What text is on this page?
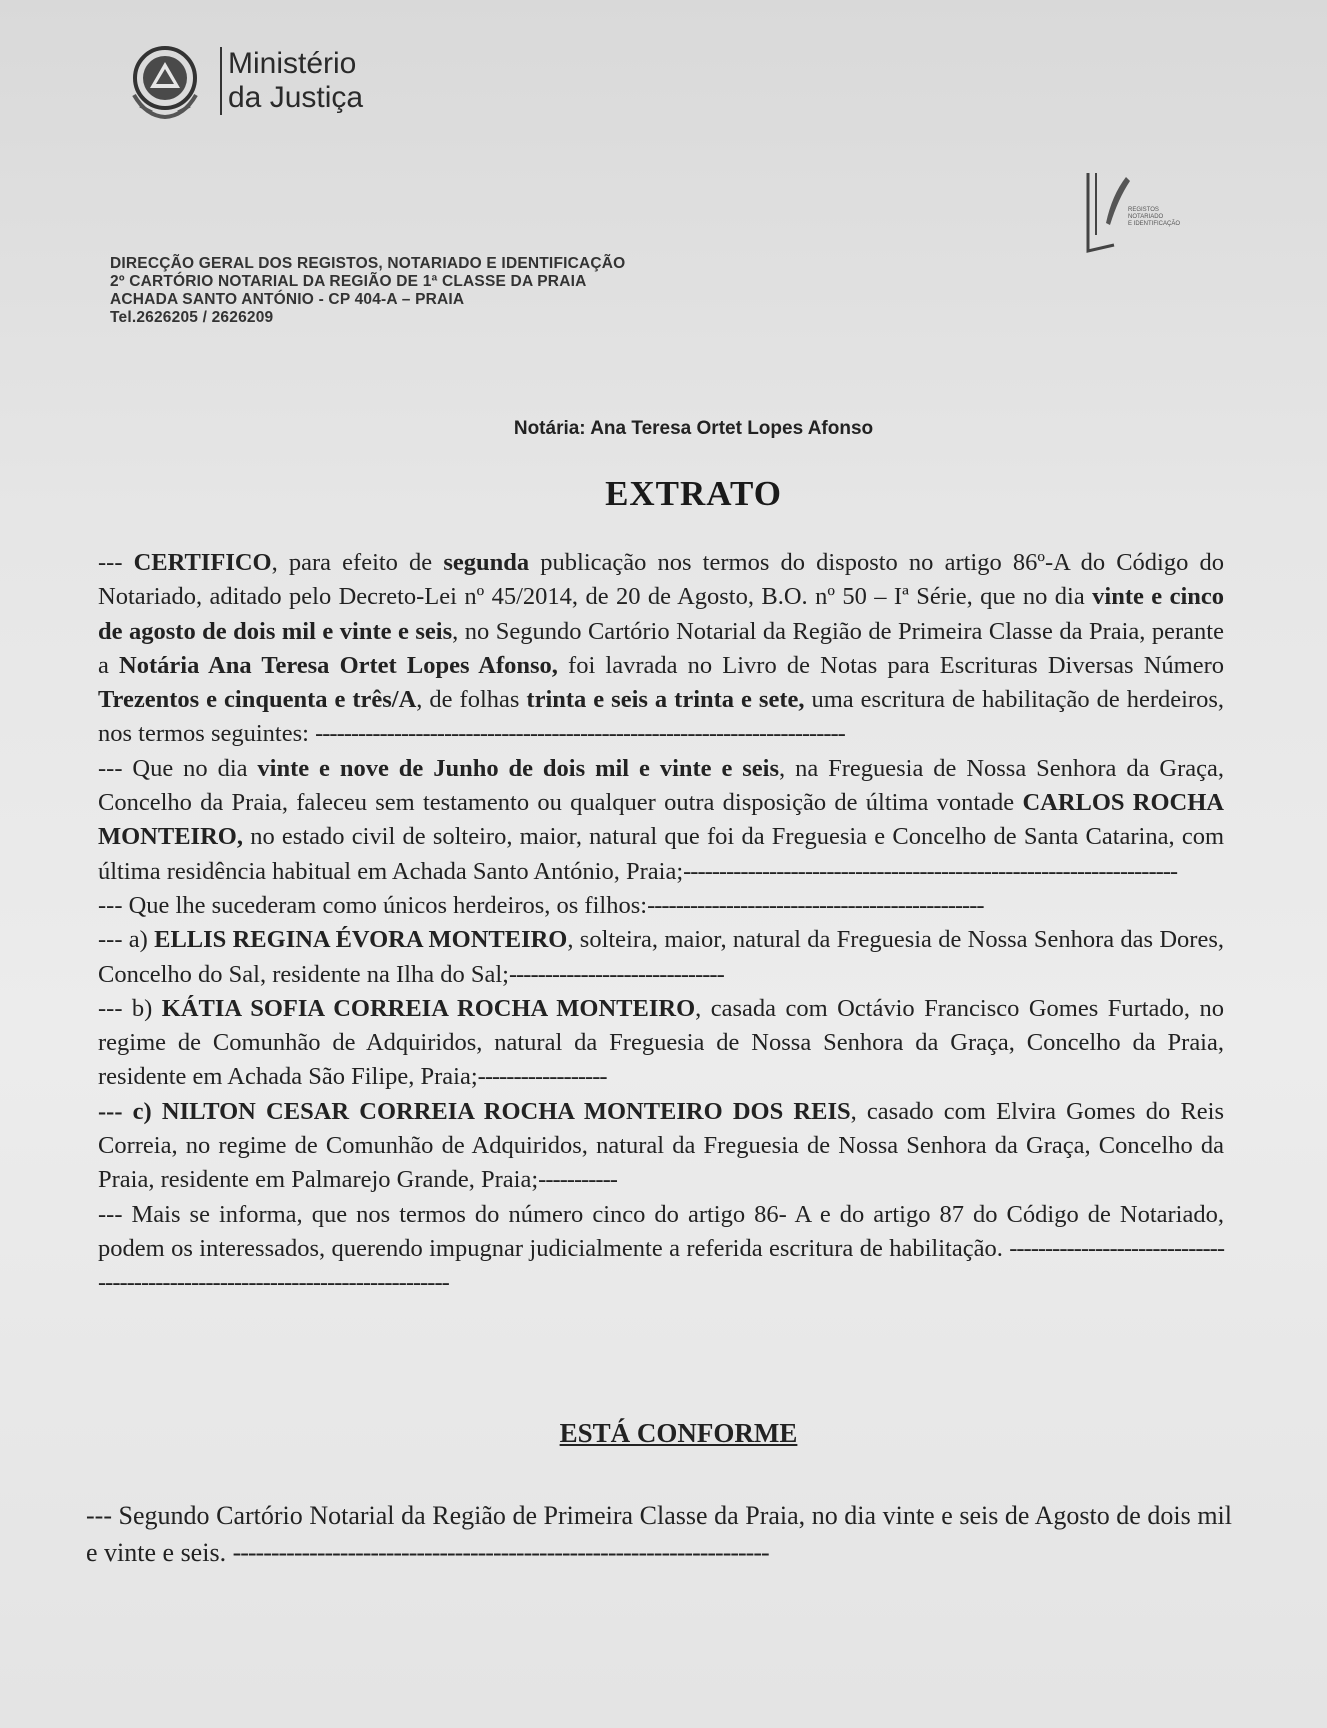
Ministério
da Justiça
REGISTOS
NOTARIADO
E IDENTIFICAÇÃO
DIRECÇÃO GERAL DOS REGISTOS, NOTARIADO E IDENTIFICAÇÃO
2º CARTÓRIO NOTARIAL DA REGIÃO DE 1ª CLASSE DA PRAIA
ACHADA SANTO ANTÓNIO - CP 404-A – PRAIA
Tel.2626205 / 2626209
Notária: Ana Teresa Ortet Lopes Afonso
EXTRATO

--- CERTIFICO, para efeito de segunda publicação nos termos do disposto no artigo 86º-A do Código do Notariado, aditado pelo Decreto-Lei nº 45/2014, de 20 de Agosto, B.O. nº 50 – Iª Série, que no dia vinte e cinco de agosto de dois mil e vinte e seis, no Segundo Cartório Notarial da Região de Primeira Classe da Praia, perante a Notária Ana Teresa Ortet Lopes Afonso, foi lavrada no Livro de Notas para Escrituras Diversas Número Trezentos e cinquenta e três/A, de folhas trinta e seis a trinta e sete, uma escritura de habilitação de herdeiros, nos termos seguintes: --------------------------------------------------------------------------

--- Que no dia vinte e nove de Junho de dois mil e vinte e seis, na Freguesia de Nossa Senhora da Graça, Concelho da Praia, faleceu sem testamento ou qualquer outra disposição de última vontade CARLOS ROCHA MONTEIRO, no estado civil de solteiro, maior, natural que foi da Freguesia e Concelho de Santa Catarina, com última residência habitual em Achada Santo António, Praia;---------------------------------------------------------------------

--- Que lhe sucederam como únicos herdeiros, os filhos:-----------------------------------------------

--- a) ELLIS REGINA ÉVORA MONTEIRO, solteira, maior, natural da Freguesia de Nossa Senhora das Dores, Concelho do Sal, residente na Ilha do Sal;------------------------------

--- b) KÁTIA SOFIA CORREIA ROCHA MONTEIRO, casada com Octávio Francisco Gomes Furtado, no regime de Comunhão de Adquiridos, natural da Freguesia de Nossa Senhora da Graça, Concelho da Praia, residente em Achada São Filipe, Praia;------------------

--- c) NILTON CESAR CORREIA ROCHA MONTEIRO DOS REIS, casado com Elvira Gomes do Reis Correia, no regime de Comunhão de Adquiridos, natural da Freguesia de Nossa Senhora da Graça, Concelho da Praia, residente em Palmarejo Grande, Praia;-----------

--- Mais se informa, que nos termos do número cinco do artigo 86- A e do artigo 87 do Código de Notariado, podem os interessados, querendo impugnar judicialmente a referida escritura de habilitação. -------------------------------------------------------------------------------

ESTÁ CONFORME

--- Segundo Cartório Notarial da Região de Primeira Classe da Praia, no dia vinte e seis de Agosto de dois mil e vinte e seis. ----------------------------------------------------------------------
